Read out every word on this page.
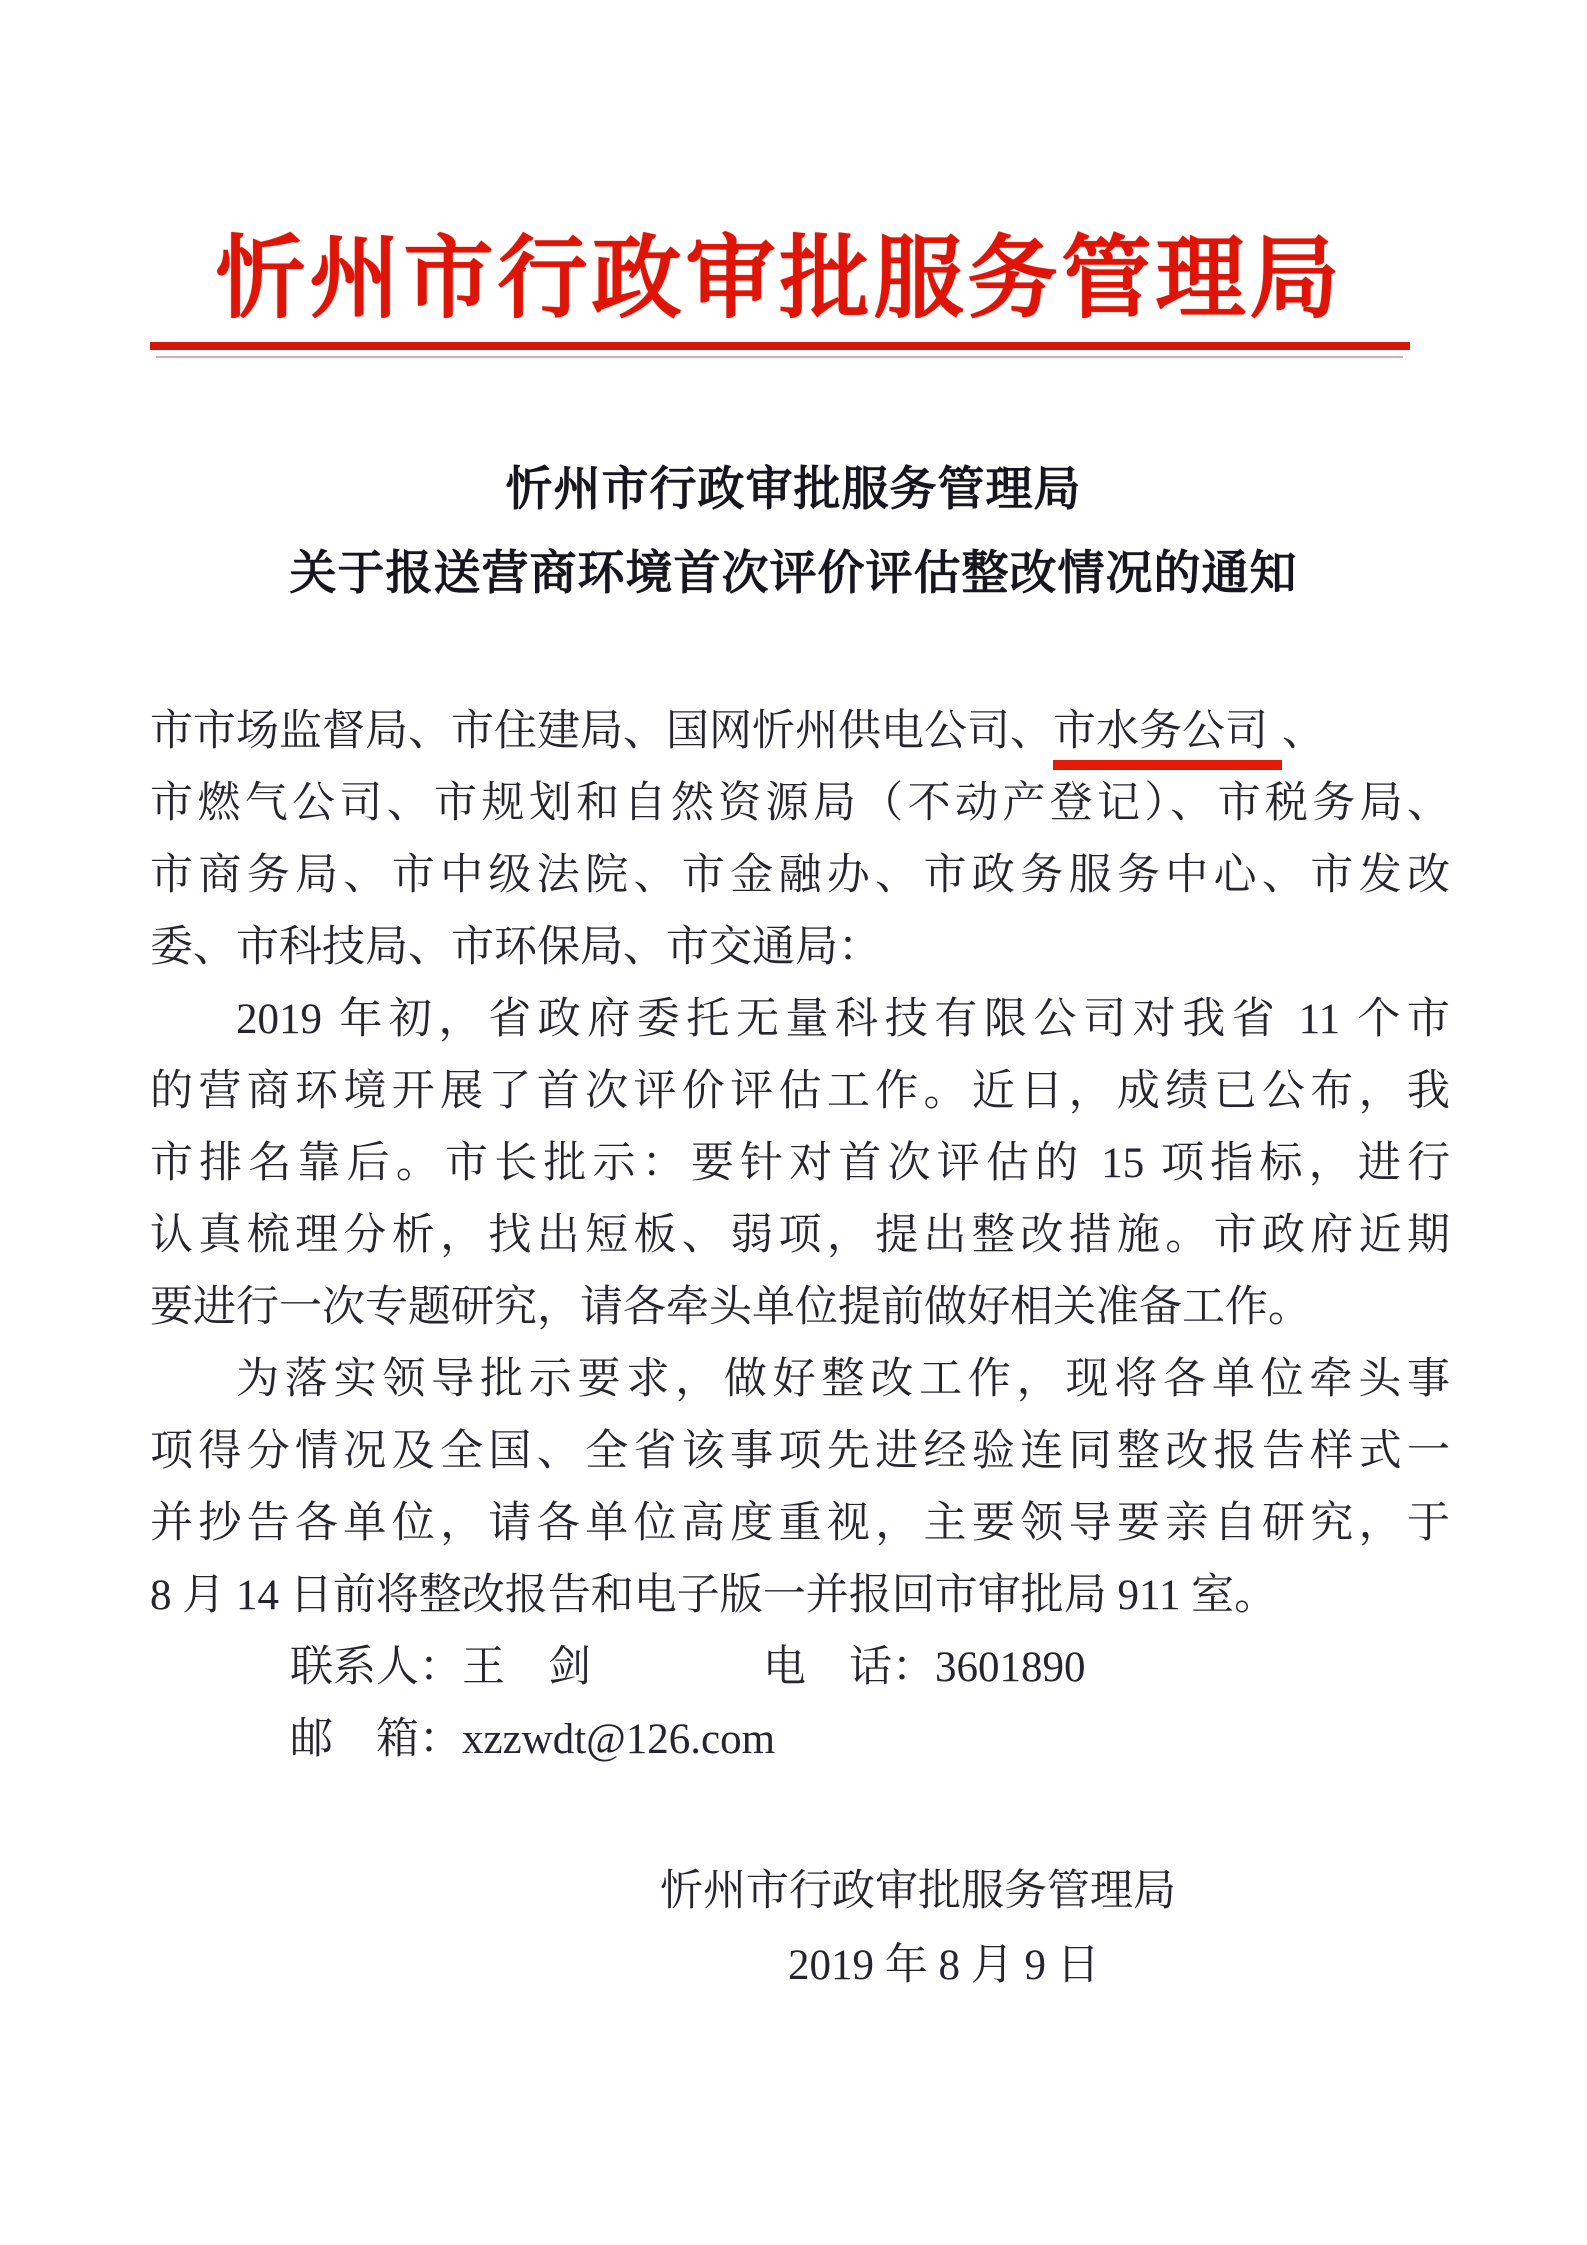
忻州市行政审批服务管理局
忻州市行政审批服务管理局
关于报送营商环境首次评价评估整改情况的通知
市市场监督局、市住建局、国网忻州供电公司、市水务公司 、
市燃气公司、市规划和自然资源局（不动产登记）、市税务局、
市商务局、市中级法院、市金融办、市政务服务中心、市发改
委、市科技局、市环保局、市交通局：
2019 年初，省政府委托无量科技有限公司对我省 11 个市
的营商环境开展了首次评价评估工作。近日，成绩已公布，我
市排名靠后。市长批示：要针对首次评估的 15 项指标，进行
认真梳理分析，找出短板、弱项，提出整改措施。市政府近期
要进行一次专题研究，请各牵头单位提前做好相关准备工作。
为落实领导批示要求，做好整改工作，现将各单位牵头事
项得分情况及全国、全省该事项先进经验连同整改报告样式一
并抄告各单位，请各单位高度重视，主要领导要亲自研究，于
8 月 14 日前将整改报告和电子版一并报回市审批局 911 室。
联系人：王　剑　　　　	电　话：3601890
邮　箱：xzzwdt@126.com
忻州市行政审批服务管理局
2019 年 8 月 9 日
